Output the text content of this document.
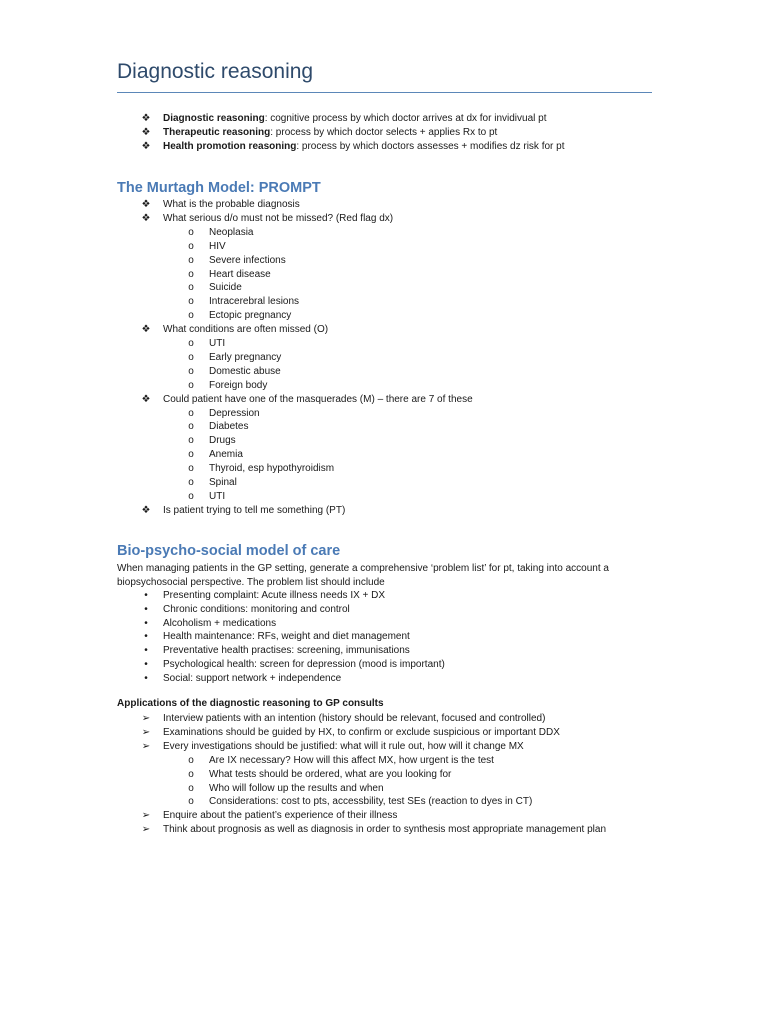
Diagnostic reasoning
❖ Diagnostic reasoning: cognitive process by which doctor arrives at dx for invidivual pt
❖ Therapeutic reasoning: process by which doctor selects + applies Rx to pt
❖ Health promotion reasoning: process by which doctors assesses + modifies dz risk for pt
The Murtagh Model: PROMPT
❖ What is the probable diagnosis
❖ What serious d/o must not be missed? (Red flag dx)
o	Neoplasia
o	HIV
o	Severe infections
o	Heart disease
o	Suicide
o	Intracerebral lesions
o	Ectopic pregnancy
❖ What conditions are often missed (O)
o	UTI
o	Early pregnancy
o	Domestic abuse
o	Foreign body
❖ Could patient have one of the masquerades (M) – there are 7 of these
o	Depression
o	Diabetes
o	Drugs
o	Anemia
o	Thyroid, esp hypothyroidism
o	Spinal
o	UTI
❖ Is patient trying to tell me something (PT)
Bio-psycho-social model of care
When managing patients in the GP setting, generate a comprehensive ‘problem list’ for pt, taking into account a
biopsychosocial perspective. The problem list should include
•	Presenting complaint: Acute illness needs IX + DX
•	Chronic conditions: monitoring and control
•	Alcoholism + medications
•	Health maintenance: RFs, weight and diet management
•	Preventative health practises: screening, immunisations
•	Psychological health: screen for depression (mood is important)
•	Social: support network + independence
Applications of the diagnostic reasoning to GP consults
➢ Interview patients with an intention (history should be relevant, focused and controlled)
➢ Examinations should be guided by HX, to confirm or exclude suspicious or important DDX
➢ Every investigations should be justified: what will it rule out, how will it change MX
o	Are IX necessary? How will this affect MX, how urgent is the test
o	What tests should be ordered, what are you looking for
o	Who will follow up the results and when
o	Considerations: cost to pts, accessbility, test SEs (reaction to dyes in CT)
➢ Enquire about the patient’s experience of their illness
➢ Think about prognosis as well as diagnosis in order to synthesis most appropriate management plan
